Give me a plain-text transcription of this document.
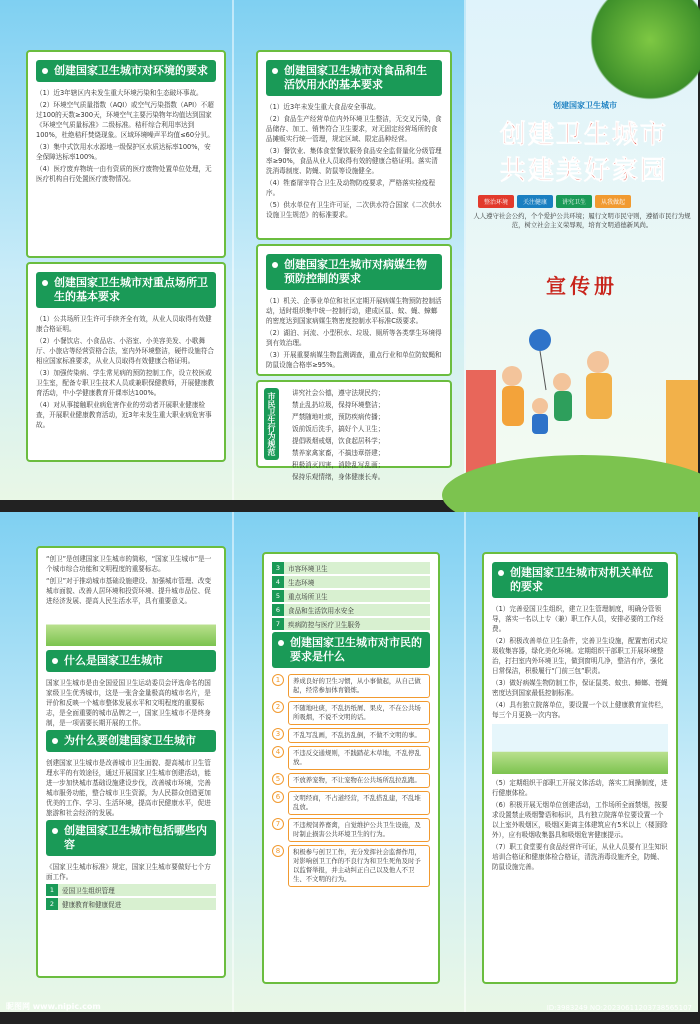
创建国家卫生城市对环境的要求

（1）近3年辖区内未发生重大环境污染和生态破坏事故。

（2）环境空气质量指数（AQI）或空气污染指数（API）不超过100的天数≥300天，环境空气主要污染物年均值达到国家《环境空气质量标准》二级标准。秸秆综合利用率达到100%，杜绝秸秆焚烧现象。区域环境噪声平均值≤60分贝。

（3）集中式饮用水水源地一级保护区水质达标率100%，安全保障达标率100%。

（4）医疗废弃物统一由有资质的医疗废物处置单位处理，无医疗机构自行处置医疗废物情况。

创建国家卫生城市对重点场所卫生的基本要求

（1）公共场所卫生许可手续齐全有效，从业人员取得有效健康合格证明。

（2）小餐饮店、小食品店、小浴室、小美容美发、小歌舞厅、小旅店等经营资格合法，室内外环境整洁，硬件设施符合相应国家标准要求，从业人员取得有效健康合格证明。

（3）加强传染病、学生常见病的预防控制工作，设立校医或卫生室，配备专职卫生技术人员或兼职保健教师，开展健康教育活动，中小学健康教育开课率达100%。

（4）对从事接触职业病危害作业的劳动者开展职业健康检查，开展职业健康教育活动，近3年未发生重大职业病危害事故。

创建国家卫生城市对食品和生活饮用水的基本要求

（1）近3年未发生重大食品安全事故。

（2）食品生产经营单位内外环境卫生整洁，无交叉污染，食品储存、加工、销售符合卫生要求，对无固定经营场所的食品摊贩实行统一管理，规定区域、限定品种经营。

（3）餐饮业、集体食堂餐饮服务食品安全监督量化分级管理率≥90%，食品从业人员取得有效的健康合格证明。落实清洗消毒制度、防蝇、防鼠等设施健全。

（4）牲畜屠宰符合卫生及动物防疫要求，严格落实检疫程序。

（5）供水单位有卫生许可证，二次供水符合国家《二次供水设施卫生规范》的标准要求。

创建国家卫生城市对病媒生物预防控制的要求

（1）机关、企事业单位和社区定期开展病媒生物预防控制活动，适时组织集中统一控制行动，建成区鼠、蚊、蝇、蟑螂的密度达到国家病媒生物密度控制水平标准C级要求。

（2）湖泊、河流、小型积水、垃圾、厕所等各类孳生环境得到有效治理。

（3）开展重要病媒生物监测调查，重点行业和单位防蚊蝇和防鼠设施合格率≥95%。

市民卫生行为规范	讲究社会公德，遵守法规民约；
禁止乱扔垃圾，保持环境整洁；
严禁随地吐痰，预防疾病传播；
饭前饭后洗手，搞好个人卫生；
提倡吸烟戒烟，饮食起居科学；
禁养家禽家畜，不搞违章搭建；
积极消灭四害，消除乱写乱画；
保持乐观情绪，身体健康长寿。
创建国家卫生城市
创建卫生城市
共建美好家园
整治环境	关注健康	讲究卫生	从我做起
人人遵守社会公约，个个爱护公共环境；履行文明市民守则，遵循市民行为规范，树立社会主义荣辱观，培育文明道德新风尚。
宣传册

“创卫”是创建国家卫生城市的简称，“国家卫生城市”是一个城市综合功能和文明程度的重要标志。

“创卫”对于推动城市基础设施建设、加强城市管理、改变城市面貌、改善人居环境和投资环境、提升城市品位、促进经济发展、提高人民生活水平，具有重要意义。

什么是国家卫生城市

国家卫生城市是由全国爱国卫生运动委员会评选命名的国家级卫生优秀城市，这是一张含金量极高的城市名片，是评价和反映一个城市整体发展水平和文明程度的重要标志，是全面重要的城市品牌之一，国家卫生城市不是终身制，是一项需要长期开展的工作。

为什么要创建国家卫生城市

创建国家卫生城市是改善城市卫生面貌、提高城市卫生管理水平的有效途径，通过开展国家卫生城市创建活动，能进一步加快城市基础设施建设步伐，改善城市环境，完善城市服务功能，整合城市卫生资源，为人民群众创造更加优美的工作、学习、生活环境，提高市民健康水平，促进旅游和社会经济的发展。

创建国家卫生城市包括哪些内容

《国家卫生城市标准》规定，国家卫生城市要做好七个方面工作。

1	爱国卫生组织管理
2	健康教育和健康促进
3	市容环境卫生
4	生态环境
5	重点场所卫生
6	食品和生活饮用水安全
7	疾病防控与医疗卫生服务
创建国家卫生城市对市民的要求是什么
1	养成良好的卫生习惯，从小事做起，从自己做起，经常参加体育锻炼。
2	不随地吐痰，不乱扔纸屑、果皮，不在公共场所吸烟，不说不文明的话。
3	不乱写乱画，不乱扔乱倒，不做不文明的事。
4	不违反交通规则，不践踏花木草地，不乱停乱放。
5	不放养宠物，不让宠物在公共场所乱拉乱跑。
6	文明经商，不占道经营，不乱搭乱建，不乱堆乱放。
7	不违规饲养畜禽，自觉维护公共卫生设施，及时制止损害公共环境卫生的行为。
8	积极参与创卫工作，充分发挥社会监督作用，对影响创卫工作的不良行为和卫生死角及时予以监督举报，并主动纠正自己以及他人不卫生、不文明的行为。
创建国家卫生城市对机关单位的要求

（1）完善爱国卫生组织，建立卫生管理制度，明确分管领导，落实一名以上专（兼）职工作人员，安排必要的工作经费。

（2）积极改善单位卫生条件，完善卫生设施，配置密闭式垃圾收集容器，绿化美化环境。定期组织干部职工开展环境整治，打扫室内外环境卫生，做到窗明几净，整洁有序，强化日常保洁，积极履行“门前三包”职责。

（3）做好病媒生物防制工作，保证鼠类、蚊虫、蟑螂、苍蝇密度达到国家最低控制标准。

（4）具有独立院落单位，要设置一个以上健康教育宣传栏，每三个月更换一次内容。

（5）定期组织干部职工开展文体活动，落实工间操制度，进行健康体检。

（6）积极开展无烟单位创建活动，工作场所全面禁烟，按要求设置禁止吸烟警语和标识，具有独立院落单位要设置一个以上室外吸烟区，吸烟区距离主体建筑应有5米以上（楼顶除外），应有吸烟收集器具和吸烟危害健康提示。

（7）职工食堂要有食品经营许可证，从业人员要有卫生知识培训合格证和健康体检合格证，清洗消毒设施齐全，防蝇、防鼠设施完善。

昵图网 www.nipic.com	ID:3983249 NO:20230611203738565107
